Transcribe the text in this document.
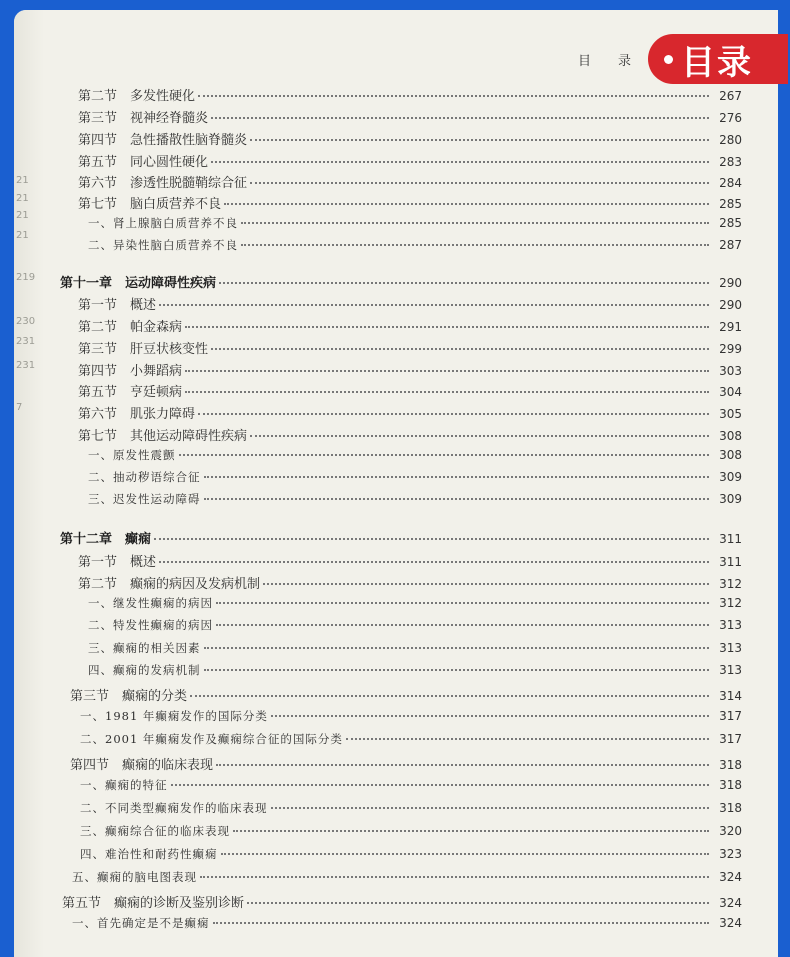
21
21
21
21
219
230
231
231
7
目 录
第二节　多发性硬化	267
第三节　视神经脊髓炎	276
第四节　急性播散性脑脊髓炎	280
第五节　同心圆性硬化	283
第六节　渗透性脱髓鞘综合征	284
第七节　脑白质营养不良	285
一、肾上腺脑白质营养不良	285
二、异染性脑白质营养不良	287
第十一章　运动障碍性疾病	290
第一节　概述	290
第二节　帕金森病	291
第三节　肝豆状核变性	299
第四节　小舞蹈病	303
第五节　亨廷顿病	304
第六节　肌张力障碍	305
第七节　其他运动障碍性疾病	308
一、原发性震颤	308
二、抽动秽语综合征	309
三、迟发性运动障碍	309
第十二章　癫痫	311
第一节　概述	311
第二节　癫痫的病因及发病机制	312
一、继发性癫痫的病因	312
二、特发性癫痫的病因	313
三、癫痫的相关因素	313
四、癫痫的发病机制	313
第三节　癫痫的分类	314
一、1981 年癫痫发作的国际分类	317
二、2001 年癫痫发作及癫痫综合征的国际分类	317
第四节　癫痫的临床表现	318
一、癫痫的特征	318
二、不同类型癫痫发作的临床表现	318
三、癫痫综合征的临床表现	320
四、难治性和耐药性癫痫	323
五、癫痫的脑电图表现	324
第五节　癫痫的诊断及鉴别诊断	324
一、首先确定是不是癫痫	324
目录
